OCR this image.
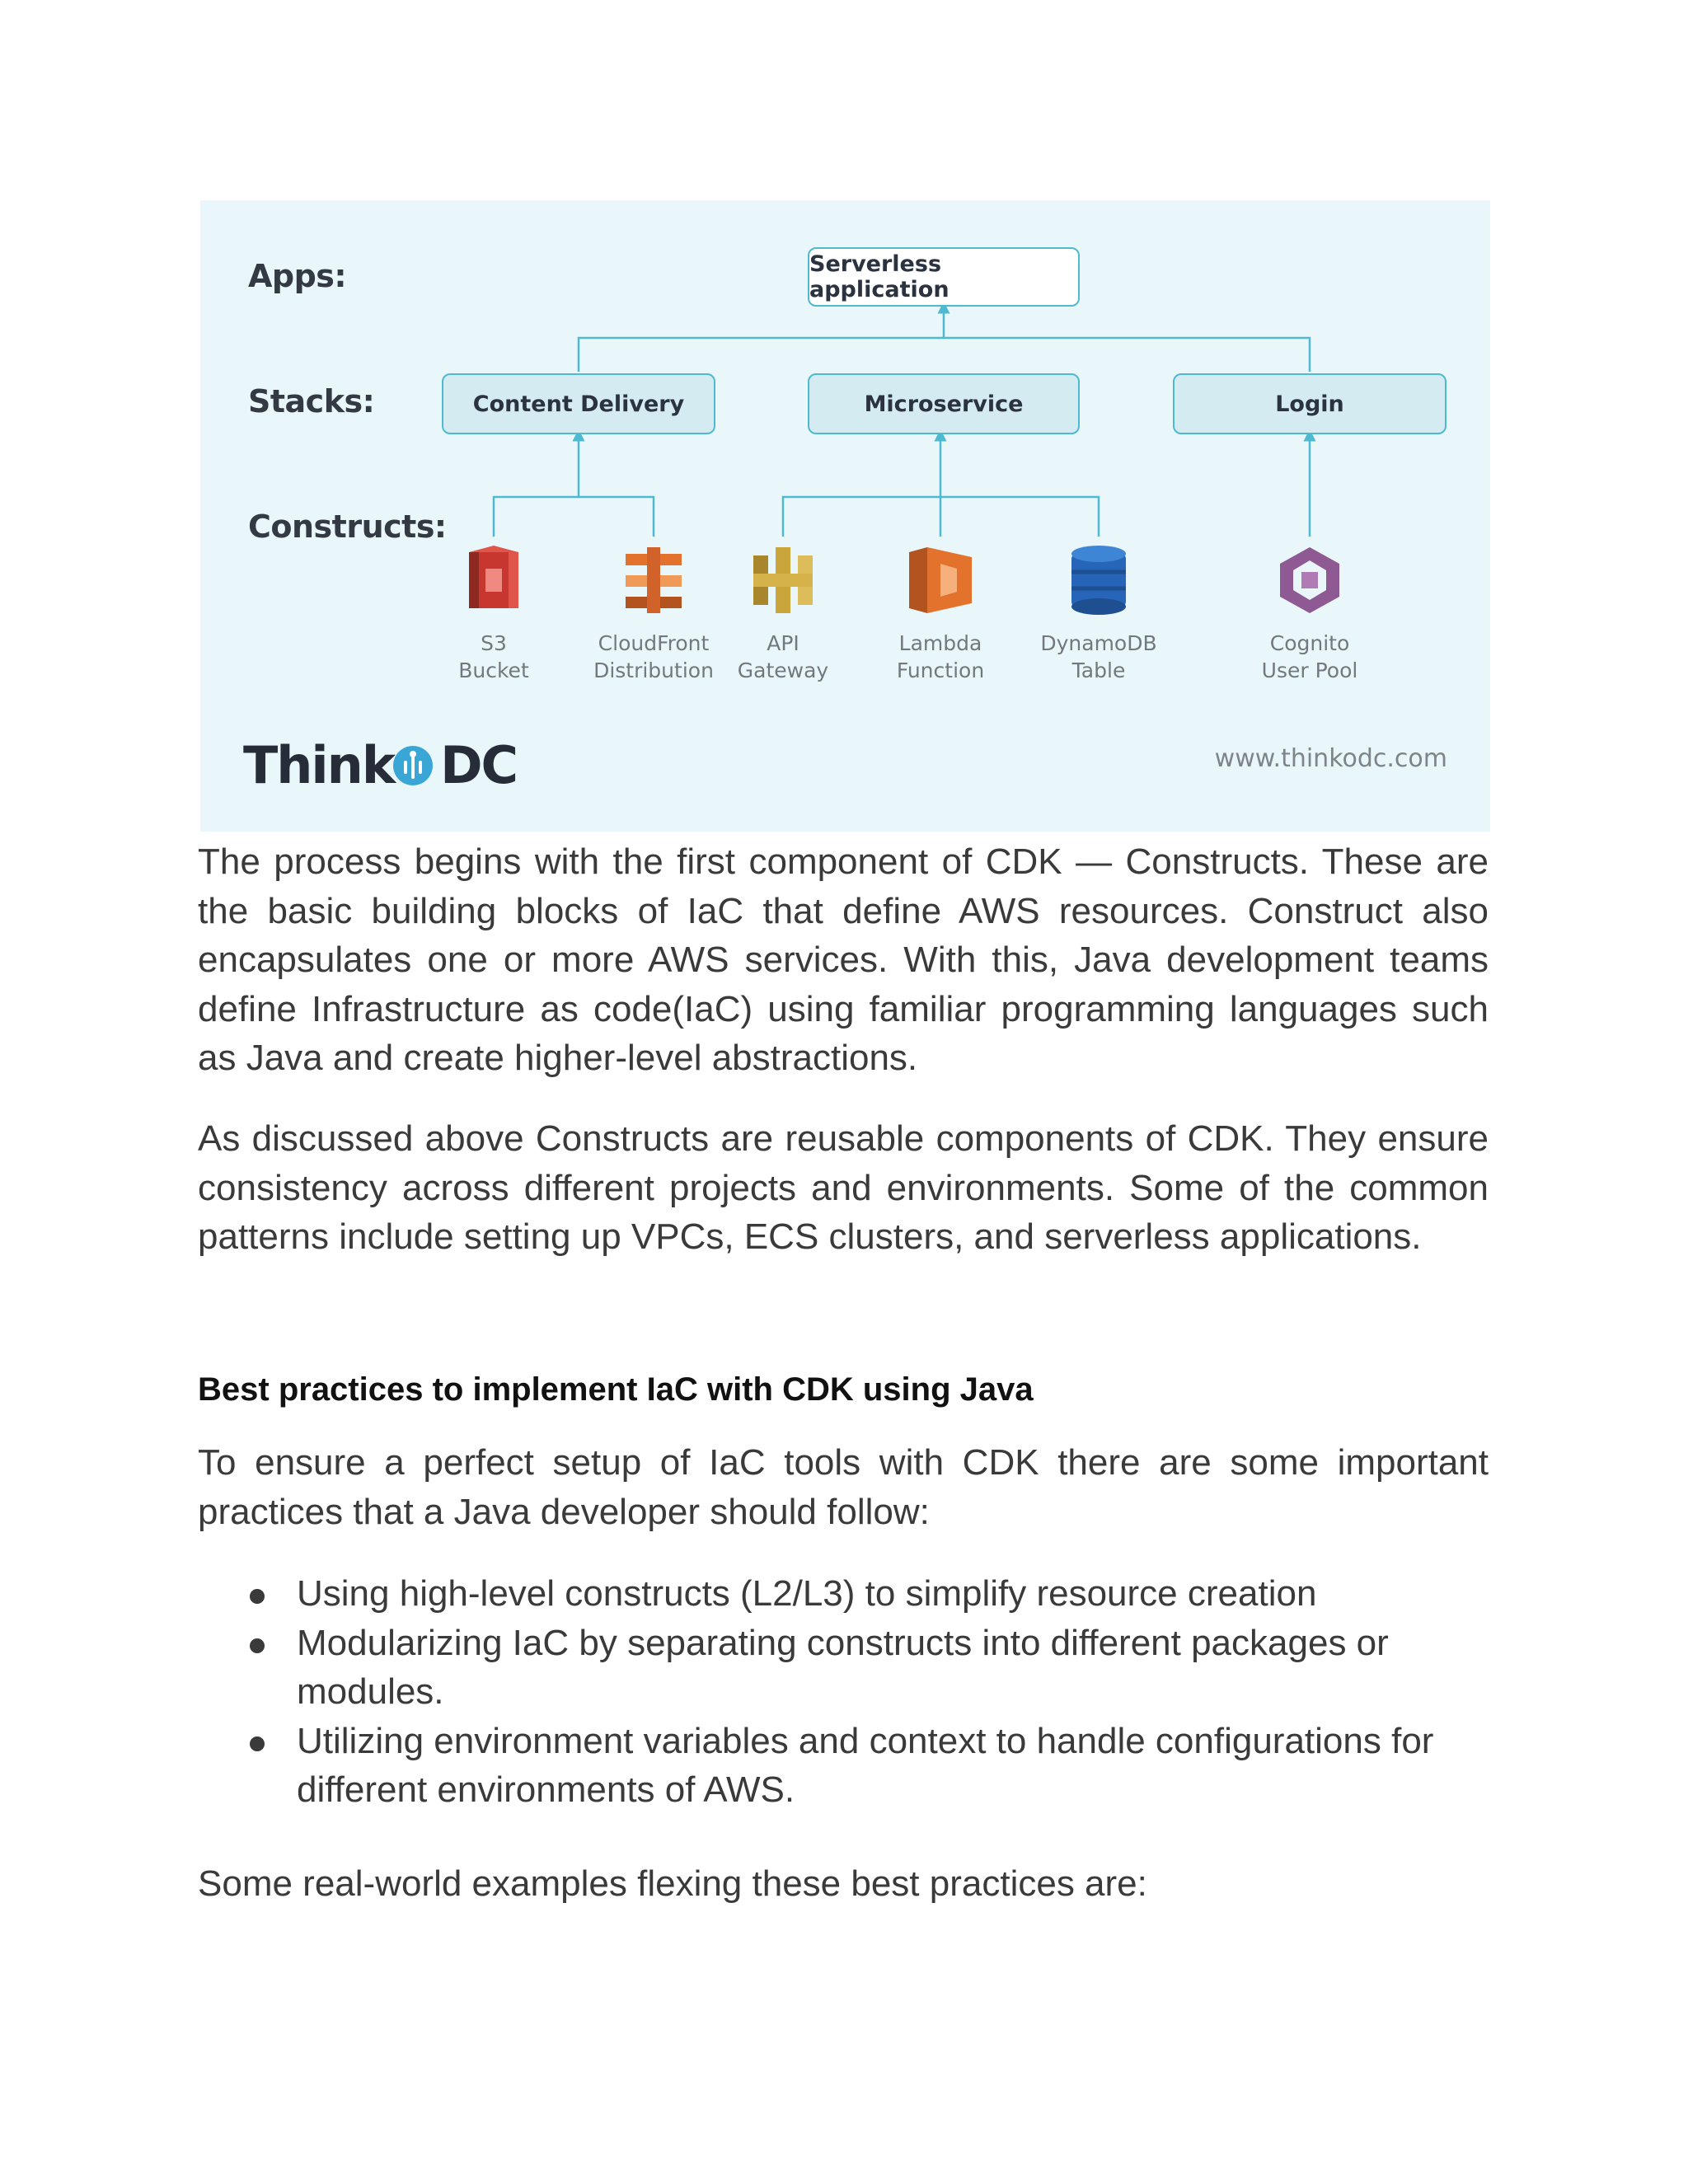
Apps:
Stacks:
Constructs:
Serverless application
Content Delivery	Microservice	Login
S3
Bucket
CloudFront
Distribution
API
Gateway
Lambda
Function
DynamoDB
Table
Cognito
User Pool
Think DC	www.thinkodc.com

The process begins with the first component of CDK — Constructs. These are the basic building blocks of IaC that define AWS resources. Construct also encapsulates one or more AWS services. With this, Java development teams define Infrastructure as code(IaC) using familiar programming languages such as Java and create higher-level abstractions.

As discussed above Constructs are reusable components of CDK. They ensure consistency across different projects and environments. Some of the common patterns include setting up VPCs, ECS clusters, and serverless applications.

Best practices to implement IaC with CDK using Java

To ensure a perfect setup of IaC tools with CDK there are some important practices that a Java developer should follow:

Using high-level constructs (L2/L3) to simplify resource creation
Modularizing IaC by separating constructs into different packages or modules.
Utilizing environment variables and context to handle configurations for different environments of AWS.

Some real-world examples flexing these best practices are:
